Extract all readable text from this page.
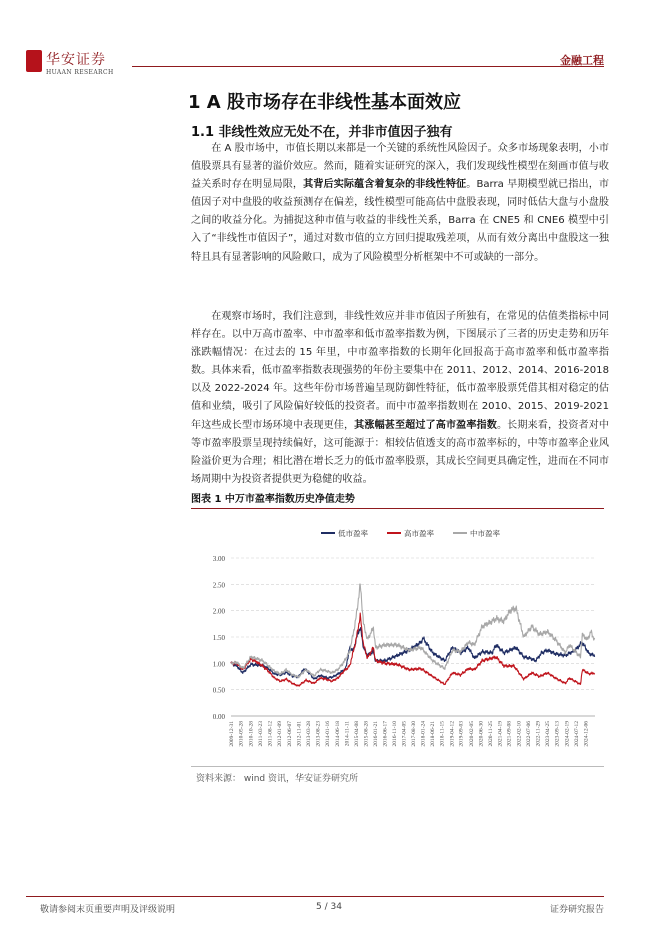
华安证券
HUAAN RESEARCH
金融工程
1 A 股市场存在非线性基本面效应
1.1 非线性效应无处不在，并非市值因子独有

在 A 股市场中，市值长期以来都是一个关键的系统性风险因子。众多市场现象表明，小市值股票具有显著的溢价效应。然而，随着实证研究的深入，我们发现线性模型在刻画市值与收益关系时存在明显局限，其背后实际蕴含着复杂的非线性特征。Barra 早期模型就已指出，市值因子对中盘股的收益预测存在偏差，线性模型可能高估中盘股表现，同时低估大盘与小盘股之间的收益分化。为捕捉这种市值与收益的非线性关系，Barra 在 CNE5 和 CNE6 模型中引入了“非线性市值因子”，通过对数市值的立方回归提取残差项，从而有效分离出中盘股这一独特且具有显著影响的风险敞口，成为了风险模型分析框架中不可或缺的一部分。

在观察市场时，我们注意到，非线性效应并非市值因子所独有，在常见的估值类指标中同样存在。以中万高市盈率、中市盈率和低市盈率指数为例，下图展示了三者的历史走势和历年涨跌幅情况：在过去的 15 年里，中市盈率指数的长期年化回报高于高市盈率和低市盈率指数。具体来看，低市盈率指数表现强势的年份主要集中在 2011、2012、2014、2016-2018 以及 2022-2024 年。这些年份市场普遍呈现防御性特征，低市盈率股票凭借其相对稳定的估值和业绩，吸引了风险偏好较低的投资者。而中市盈率指数则在 2010、2015、2019-2021 年这些成长型市场环境中表现更佳，其涨幅甚至超过了高市盈率指数。长期来看，投资者对中等市盈率股票呈现持续偏好，这可能源于：相较估值透支的高市盈率标的，中等市盈率企业风险溢价更为合理；相比潜在增长乏力的低市盈率股票，其成长空间更具确定性，进而在不同市场周期中为投资者提供更为稳健的收益。

图表 1 中万市盈率指数历史净值走势
0.00
0.50
1.00
1.50
2.00
2.50
3.00
2009-12-31 2010-05-28 2010-10-28 2011-03-23 2011-08-12 2012-01-09 2012-06-07 2012-11-01 2013-03-28 2013-08-23 2014-01-16 2014-06-18 2014-11-11 2015-04-08 2015-08-28 2016-01-21 2016-06-17 2016-11-10 2017-04-05 2017-08-30 2018-01-24 2018-06-21 2018-11-15 2019-04-12 2019-09-03 2020-02-05 2020-06-30 2020-11-25 2021-04-19 2021-09-08 2022-02-10 2022-07-06 2022-11-29 2023-04-25 2023-09-13 2024-02-19 2024-07-12 2024-12-06
低市盈率	高市盈率	中市盈率
资料来源： wind 资讯，华安证券研究所
敬请参阅末页重要声明及评级说明	5 / 34	证券研究报告
